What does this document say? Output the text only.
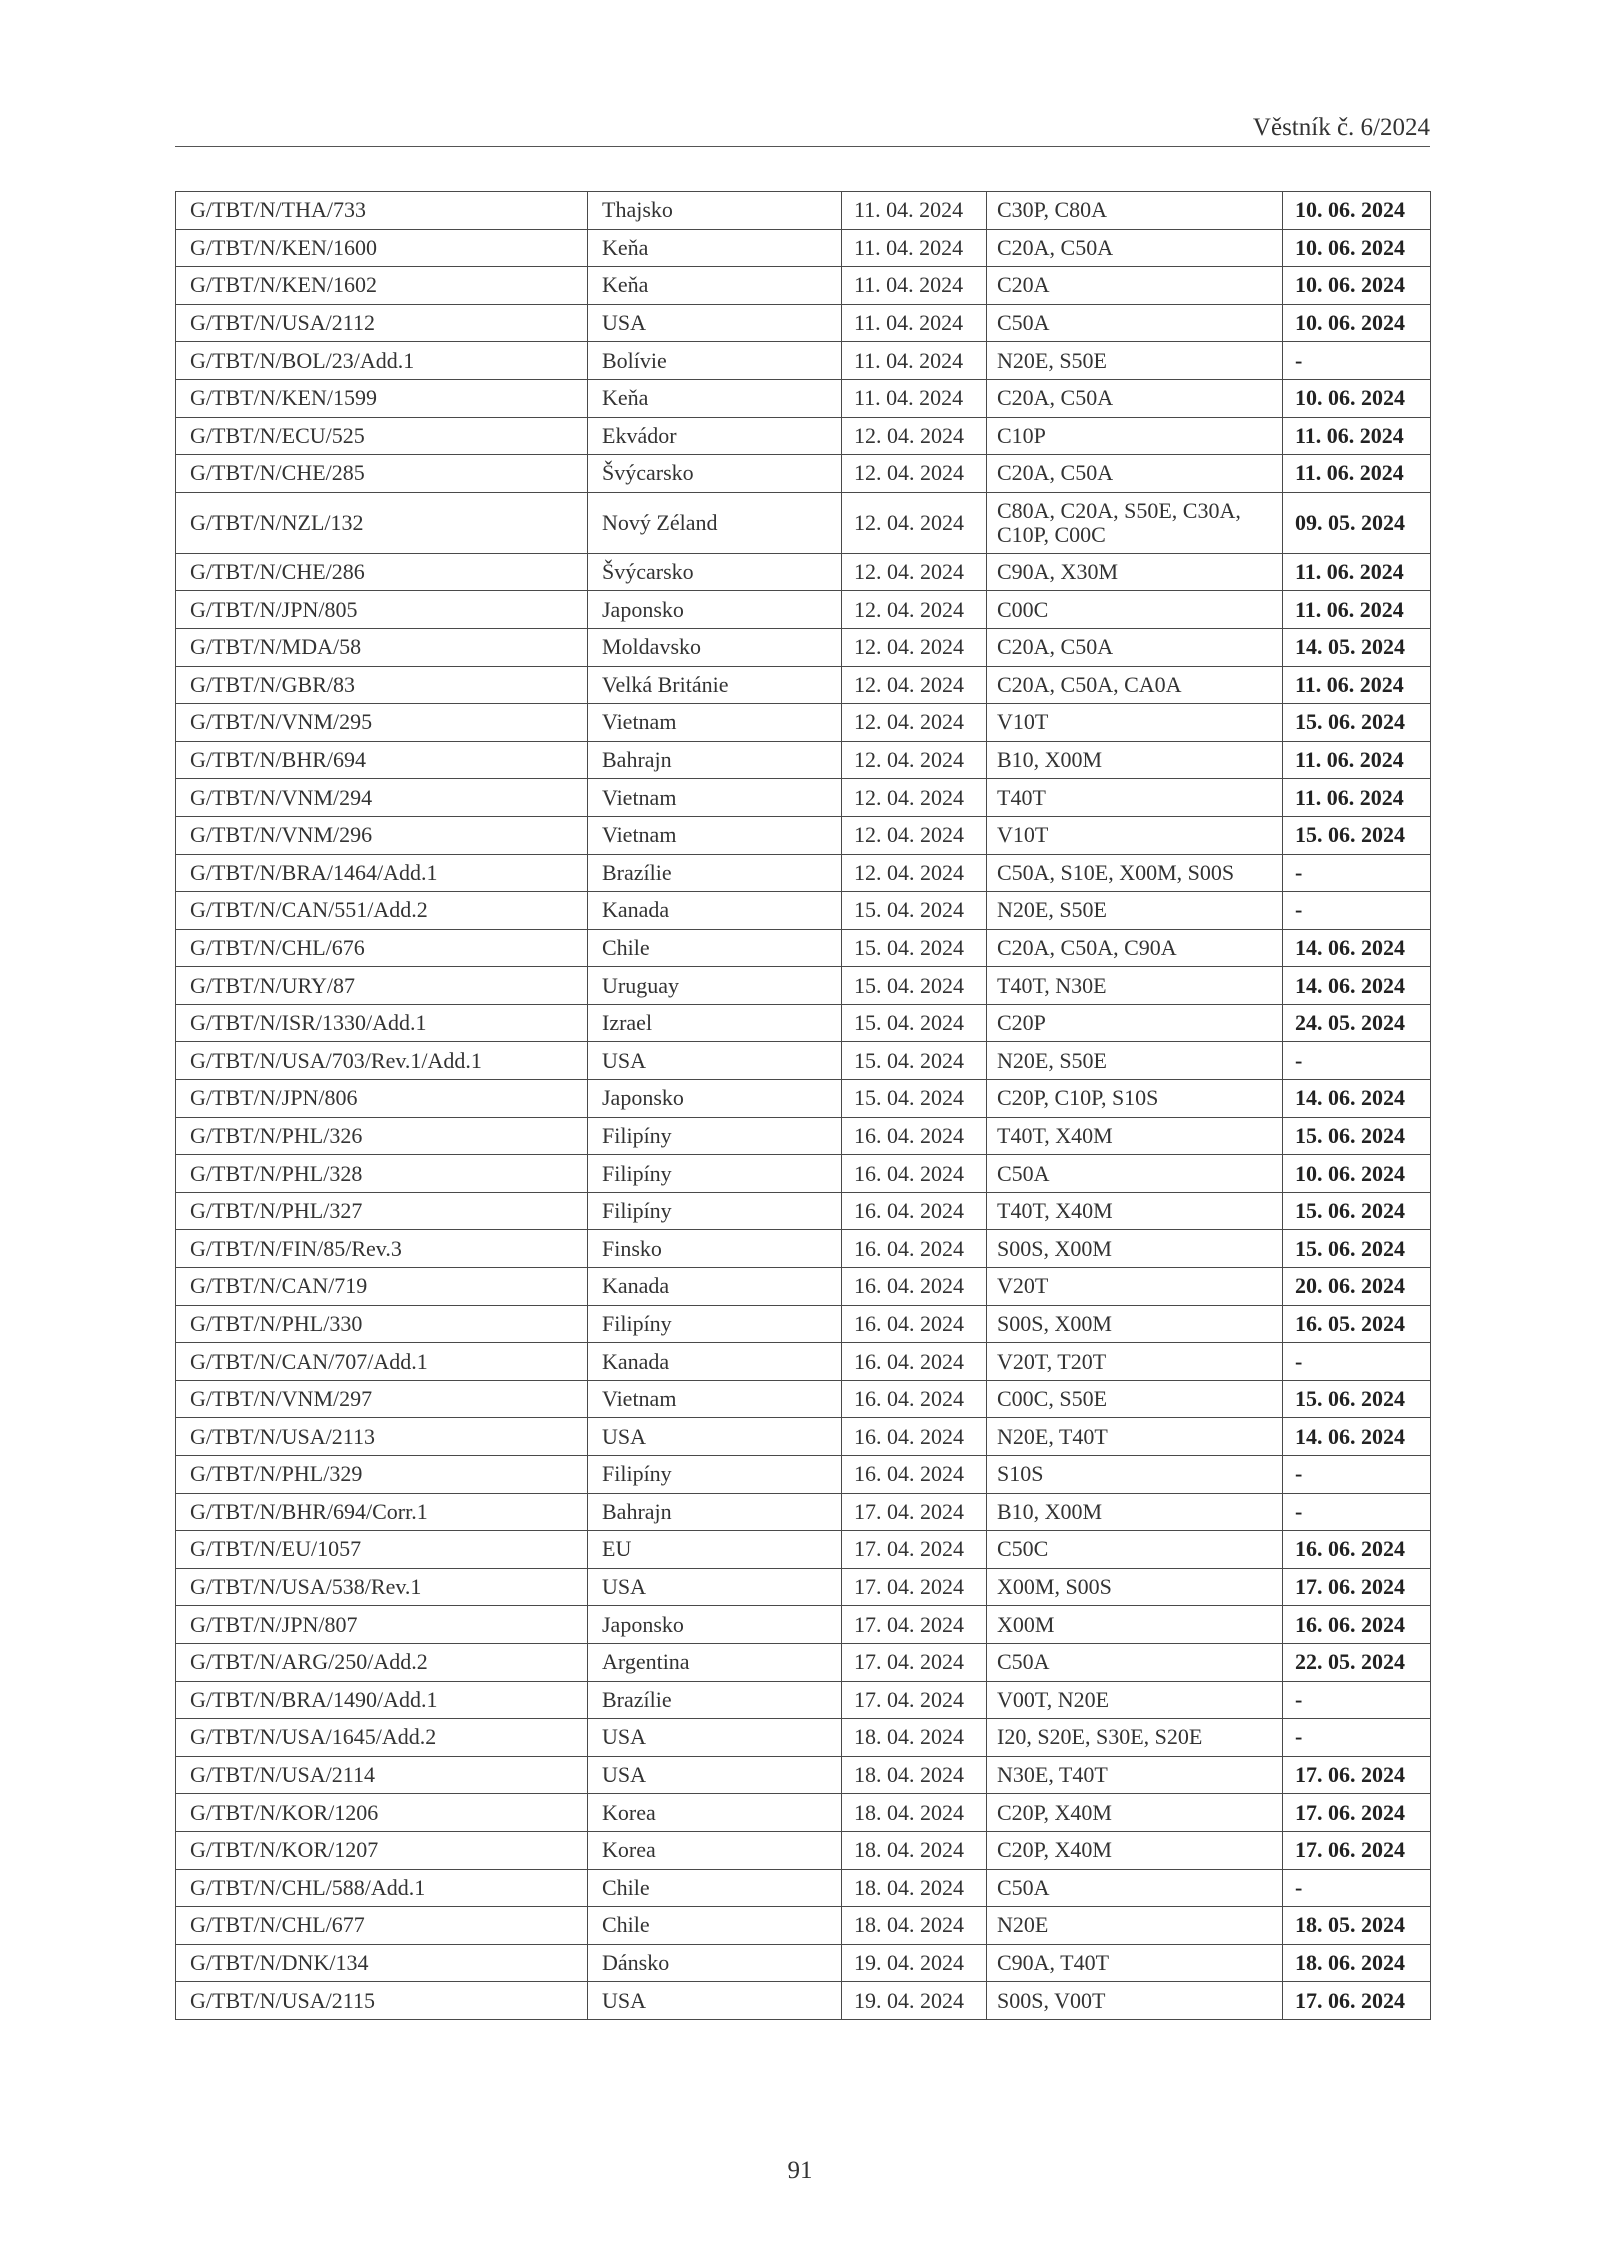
Věstník č. 6/2024
G/TBT/N/THA/733	Thajsko	11. 04. 2024	C30P, C80A	10. 06. 2024
G/TBT/N/KEN/1600	Keňa	11. 04. 2024	C20A, C50A	10. 06. 2024
G/TBT/N/KEN/1602	Keňa	11. 04. 2024	C20A	10. 06. 2024
G/TBT/N/USA/2112	USA	11. 04. 2024	C50A	10. 06. 2024
G/TBT/N/BOL/23/Add.1	Bolívie	11. 04. 2024	N20E, S50E	-
G/TBT/N/KEN/1599	Keňa	11. 04. 2024	C20A, C50A	10. 06. 2024
G/TBT/N/ECU/525	Ekvádor	12. 04. 2024	C10P	11. 06. 2024
G/TBT/N/CHE/285	Švýcarsko	12. 04. 2024	C20A, C50A	11. 06. 2024
G/TBT/N/NZL/132	Nový Zéland	12. 04. 2024	C80A, C20A, S50E, C30A, C10P, C00C	09. 05. 2024
G/TBT/N/CHE/286	Švýcarsko	12. 04. 2024	C90A, X30M	11. 06. 2024
G/TBT/N/JPN/805	Japonsko	12. 04. 2024	C00C	11. 06. 2024
G/TBT/N/MDA/58	Moldavsko	12. 04. 2024	C20A, C50A	14. 05. 2024
G/TBT/N/GBR/83	Velká Británie	12. 04. 2024	C20A, C50A, CA0A	11. 06. 2024
G/TBT/N/VNM/295	Vietnam	12. 04. 2024	V10T	15. 06. 2024
G/TBT/N/BHR/694	Bahrajn	12. 04. 2024	B10, X00M	11. 06. 2024
G/TBT/N/VNM/294	Vietnam	12. 04. 2024	T40T	11. 06. 2024
G/TBT/N/VNM/296	Vietnam	12. 04. 2024	V10T	15. 06. 2024
G/TBT/N/BRA/1464/Add.1	Brazílie	12. 04. 2024	C50A, S10E, X00M, S00S	-
G/TBT/N/CAN/551/Add.2	Kanada	15. 04. 2024	N20E, S50E	-
G/TBT/N/CHL/676	Chile	15. 04. 2024	C20A, C50A, C90A	14. 06. 2024
G/TBT/N/URY/87	Uruguay	15. 04. 2024	T40T, N30E	14. 06. 2024
G/TBT/N/ISR/1330/Add.1	Izrael	15. 04. 2024	C20P	24. 05. 2024
G/TBT/N/USA/703/Rev.1/Add.1	USA	15. 04. 2024	N20E, S50E	-
G/TBT/N/JPN/806	Japonsko	15. 04. 2024	C20P, C10P, S10S	14. 06. 2024
G/TBT/N/PHL/326	Filipíny	16. 04. 2024	T40T, X40M	15. 06. 2024
G/TBT/N/PHL/328	Filipíny	16. 04. 2024	C50A	10. 06. 2024
G/TBT/N/PHL/327	Filipíny	16. 04. 2024	T40T, X40M	15. 06. 2024
G/TBT/N/FIN/85/Rev.3	Finsko	16. 04. 2024	S00S, X00M	15. 06. 2024
G/TBT/N/CAN/719	Kanada	16. 04. 2024	V20T	20. 06. 2024
G/TBT/N/PHL/330	Filipíny	16. 04. 2024	S00S, X00M	16. 05. 2024
G/TBT/N/CAN/707/Add.1	Kanada	16. 04. 2024	V20T, T20T	-
G/TBT/N/VNM/297	Vietnam	16. 04. 2024	C00C, S50E	15. 06. 2024
G/TBT/N/USA/2113	USA	16. 04. 2024	N20E, T40T	14. 06. 2024
G/TBT/N/PHL/329	Filipíny	16. 04. 2024	S10S	-
G/TBT/N/BHR/694/Corr.1	Bahrajn	17. 04. 2024	B10, X00M	-
G/TBT/N/EU/1057	EU	17. 04. 2024	C50C	16. 06. 2024
G/TBT/N/USA/538/Rev.1	USA	17. 04. 2024	X00M, S00S	17. 06. 2024
G/TBT/N/JPN/807	Japonsko	17. 04. 2024	X00M	16. 06. 2024
G/TBT/N/ARG/250/Add.2	Argentina	17. 04. 2024	C50A	22. 05. 2024
G/TBT/N/BRA/1490/Add.1	Brazílie	17. 04. 2024	V00T, N20E	-
G/TBT/N/USA/1645/Add.2	USA	18. 04. 2024	I20, S20E, S30E, S20E	-
G/TBT/N/USA/2114	USA	18. 04. 2024	N30E, T40T	17. 06. 2024
G/TBT/N/KOR/1206	Korea	18. 04. 2024	C20P, X40M	17. 06. 2024
G/TBT/N/KOR/1207	Korea	18. 04. 2024	C20P, X40M	17. 06. 2024
G/TBT/N/CHL/588/Add.1	Chile	18. 04. 2024	C50A	-
G/TBT/N/CHL/677	Chile	18. 04. 2024	N20E	18. 05. 2024
G/TBT/N/DNK/134	Dánsko	19. 04. 2024	C90A, T40T	18. 06. 2024
G/TBT/N/USA/2115	USA	19. 04. 2024	S00S, V00T	17. 06. 2024
91
